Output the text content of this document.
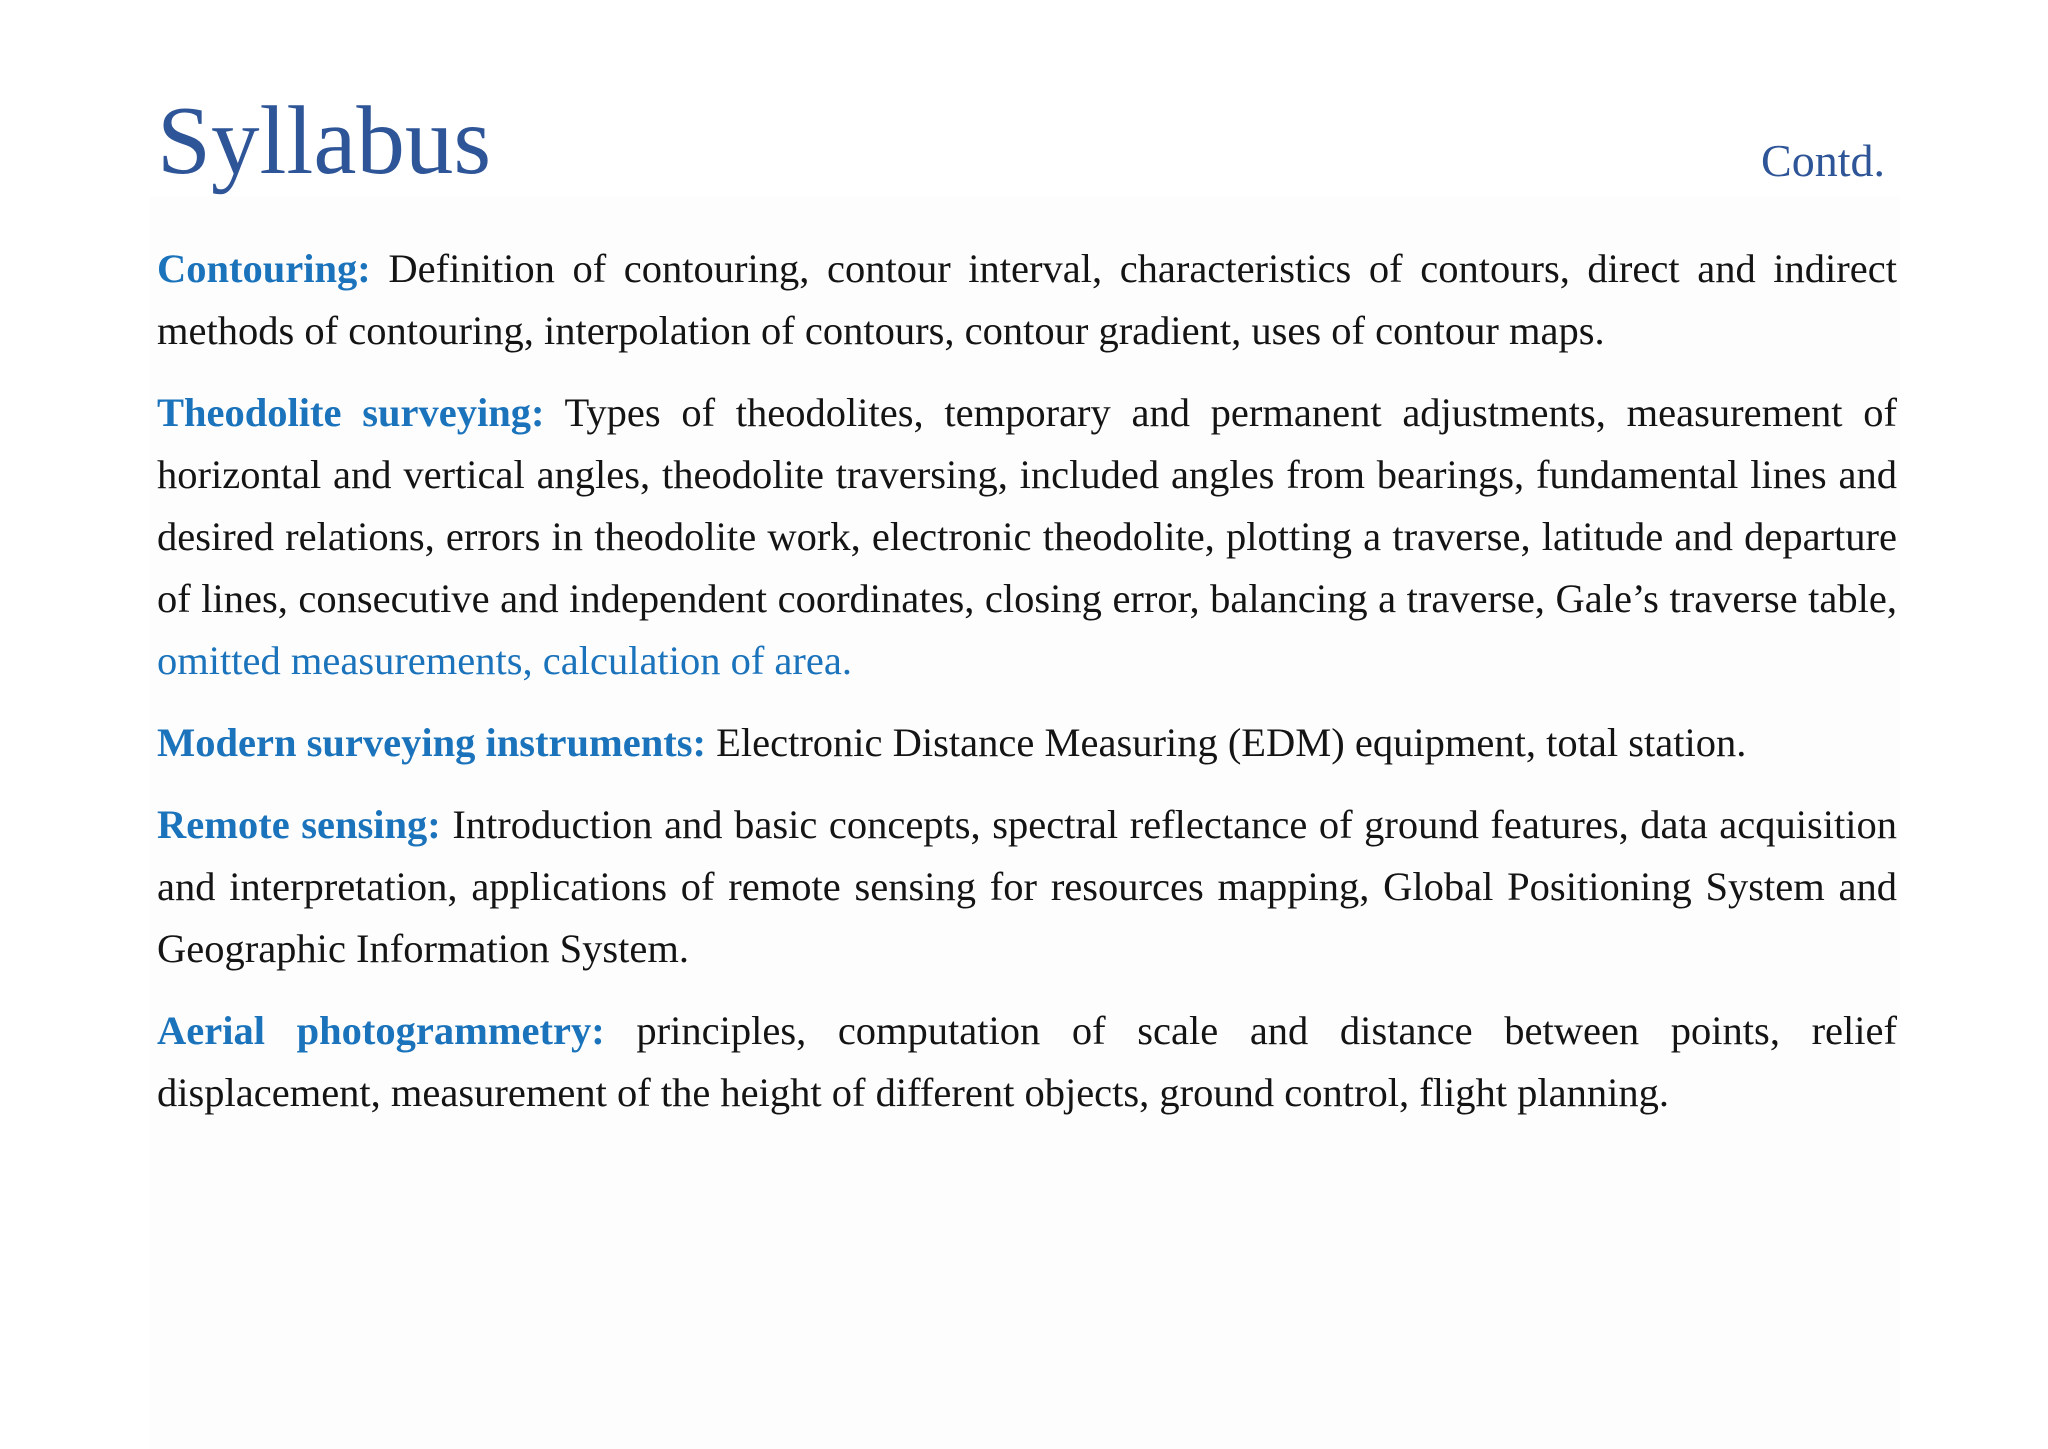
Syllabus	Contd.

Contouring: Definition of contouring, contour interval, characteristics of contours, direct and indirect methods of contouring, interpolation of contours, contour gradient, uses of contour maps.

Theodolite surveying: Types of theodolites, temporary and permanent adjustments, measurement of horizontal and vertical angles, theodolite traversing, included angles from bearings, fundamental lines and desired relations, errors in theodolite work, electronic theodolite, plotting a traverse, latitude and departure of lines, consecutive and independent coordinates, closing error, balancing a traverse, Gale’s traverse table, omitted measurements, calculation of area.

Modern surveying instruments: Electronic Distance Measuring (EDM) equipment, total station.

Remote sensing: Introduction and basic concepts, spectral reflectance of ground features, data acquisition and interpretation, applications of remote sensing for resources mapping, Global Positioning System and Geographic Information System.

Aerial photogrammetry: principles, computation of scale and distance between points, relief displacement, measurement of the height of different objects, ground control, flight planning.
